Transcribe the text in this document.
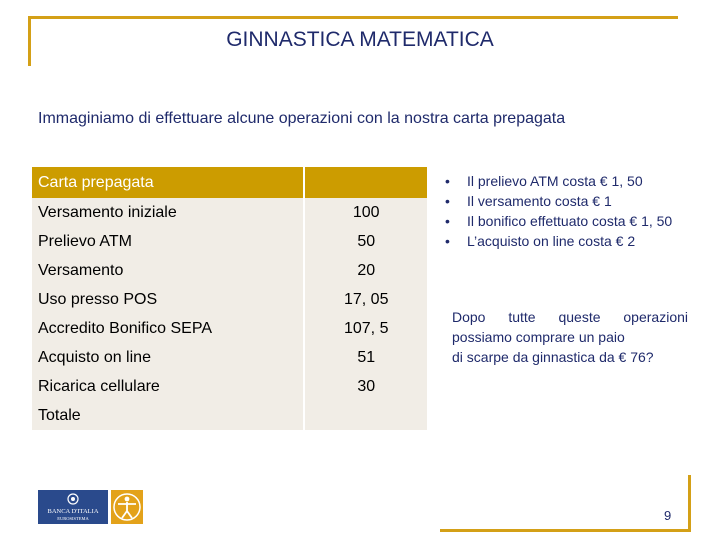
GINNASTICA MATEMATICA
Immaginiamo di effettuare alcune operazioni con la nostra carta prepagata
Carta prepagata	
Versamento iniziale	100
Prelievo ATM	50
Versamento	20
Uso presso POS	17, 05
Accredito Bonifico SEPA	107, 5
Acquisto on line	51
Ricarica cellulare	30
Totale	
• Il prelievo ATM costa € 1, 50
• Il versamento costa € 1
• Il bonifico effettuato costa € 1, 50
• L’acquisto on line costa € 2
Dopo tutte queste operazioni
possiamo comprare un paio
di scarpe da ginnastica da € 76?
BANCA D'ITALIA
EUROSISTEMA	9
